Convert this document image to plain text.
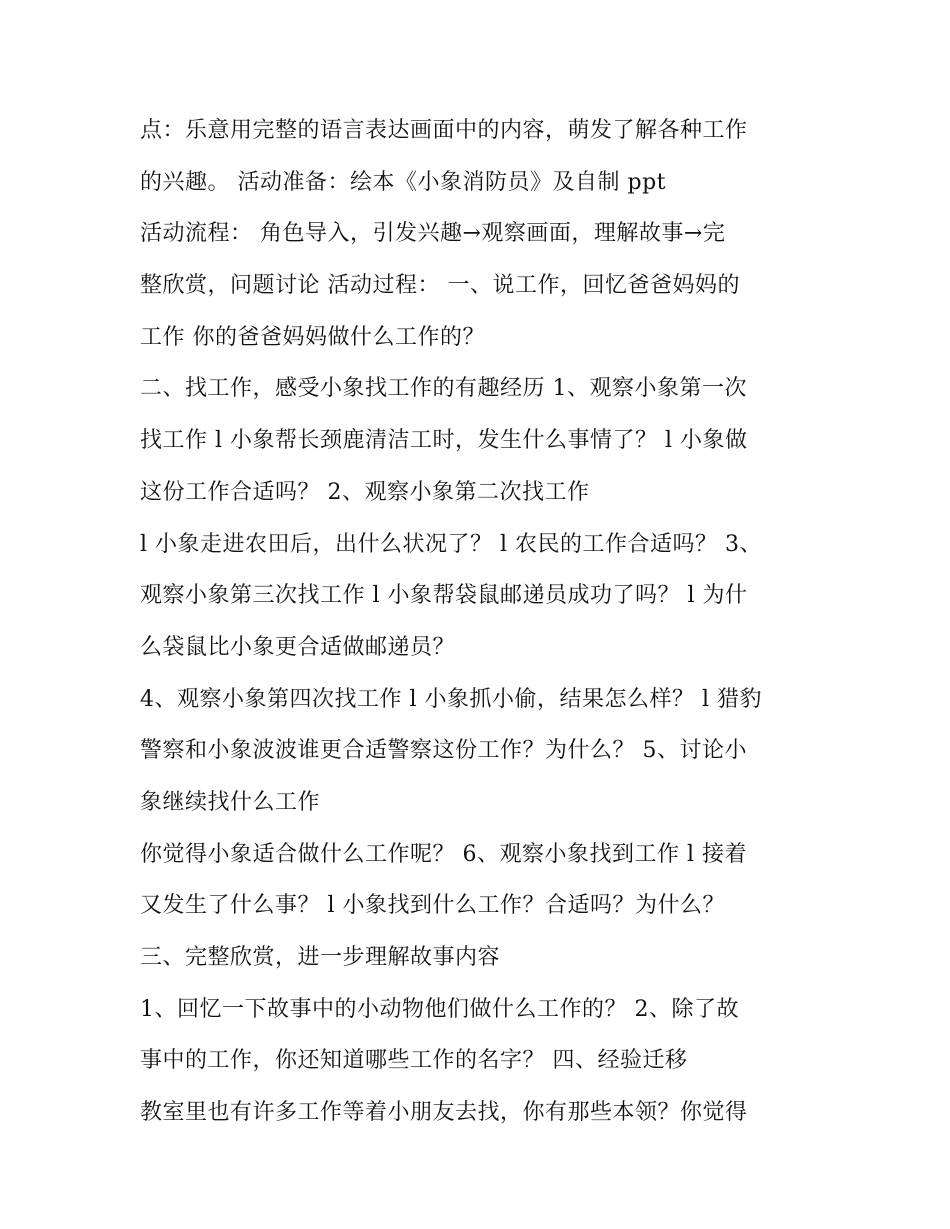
点：乐意用完整的语言表达画面中的内容，萌发了解各种工作
的兴趣。 活动准备：绘本《小象消防员》及自制 ppt
活动流程： 角色导入，引发兴趣→观察画面，理解故事→完
整欣赏，问题讨论 活动过程： 一、说工作，回忆爸爸妈妈的
工作 你的爸爸妈妈做什么工作的？
二、找工作，感受小象找工作的有趣经历 1、观察小象第一次
找工作 l 小象帮长颈鹿清洁工时，发生什么事情了？ l 小象做
这份工作合适吗？ 2、观察小象第二次找工作
l 小象走进农田后，出什么状况了？ l 农民的工作合适吗？ 3、
观察小象第三次找工作 l 小象帮袋鼠邮递员成功了吗？ l 为什
么袋鼠比小象更合适做邮递员？
4、观察小象第四次找工作 l 小象抓小偷，结果怎么样？ l 猎豹
警察和小象波波谁更合适警察这份工作？为什么？ 5、讨论小
象继续找什么工作
你觉得小象适合做什么工作呢？ 6、观察小象找到工作 l 接着
又发生了什么事？ l 小象找到什么工作？合适吗？为什么？
三、完整欣赏，进一步理解故事内容
1、回忆一下故事中的小动物他们做什么工作的？ 2、除了故
事中的工作，你还知道哪些工作的名字？ 四、经验迁移
教室里也有许多工作等着小朋友去找，你有那些本领？你觉得
